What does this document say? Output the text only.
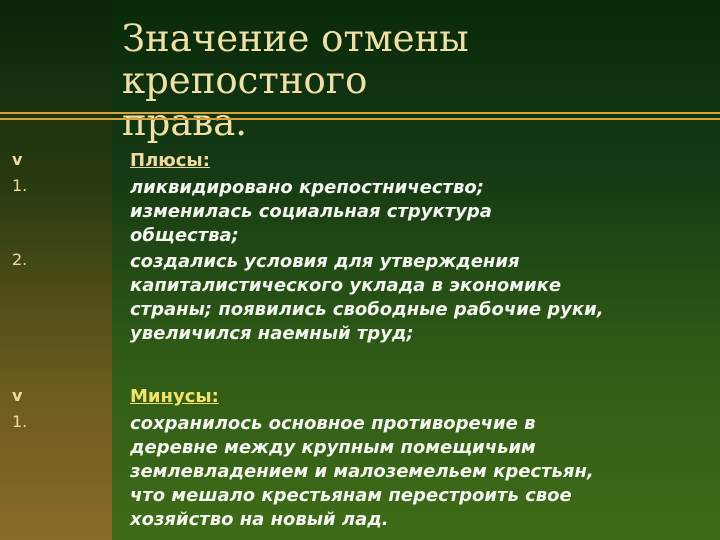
Значение отмены крепостного
права.
v	Плюсы:
1.	ликвидировано крепостничество;
изменилась социальная структура
общества;
2.	создались условия для утверждения
капиталистического уклада в экономике
страны; появились свободные рабочие руки,
увеличился наемный труд;
v	Минусы:
1.	сохранилось основное противоречие в
деревне между крупным помещичьим
землевладением и малоземельем крестьян,
что мешало крестьянам перестроить свое
хозяйство на новый лад.
